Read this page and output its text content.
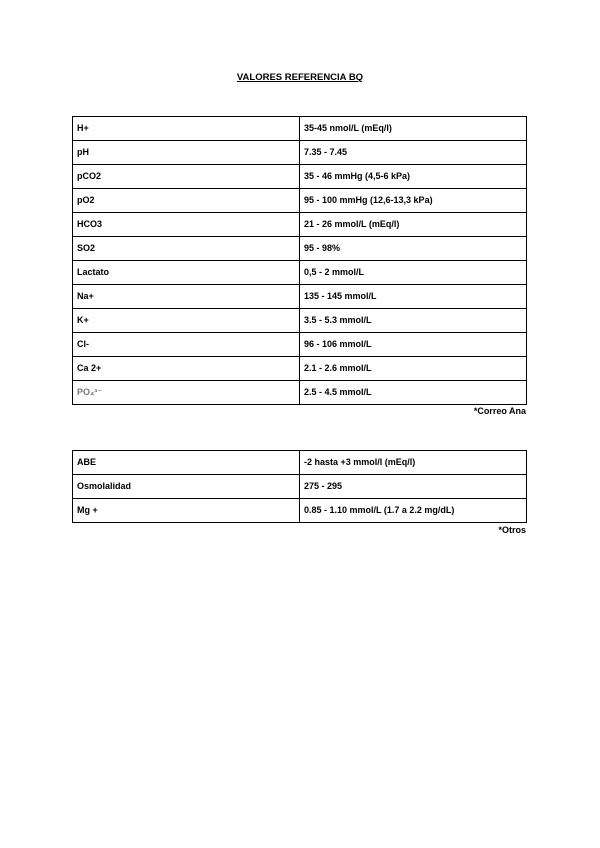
VALORES REFERENCIA BQ
H+	35-45 nmol/L (mEq/l)
pH	7.35 - 7.45
pCO2	35 - 46 mmHg (4,5-6 kPa)
pO2	95 - 100 mmHg (12,6-13,3 kPa)
HCO3	21 - 26 mmol/L (mEq/l)
SO2	95 - 98%
Lactato	0,5 - 2 mmol/L
Na+	135 - 145 mmol/L
K+	3.5 - 5.3 mmol/L
Cl-	96 - 106 mmol/L
Ca 2+	2.1 - 2.6 mmol/L
PO₄³⁻	2.5 - 4.5 mmol/L
*Correo Ana
ABE	-2 hasta +3 mmol/l (mEq/l)
Osmolalidad	275 - 295
Mg +	0.85 - 1.10 mmol/L (1.7 a 2.2 mg/dL)
*Otros
